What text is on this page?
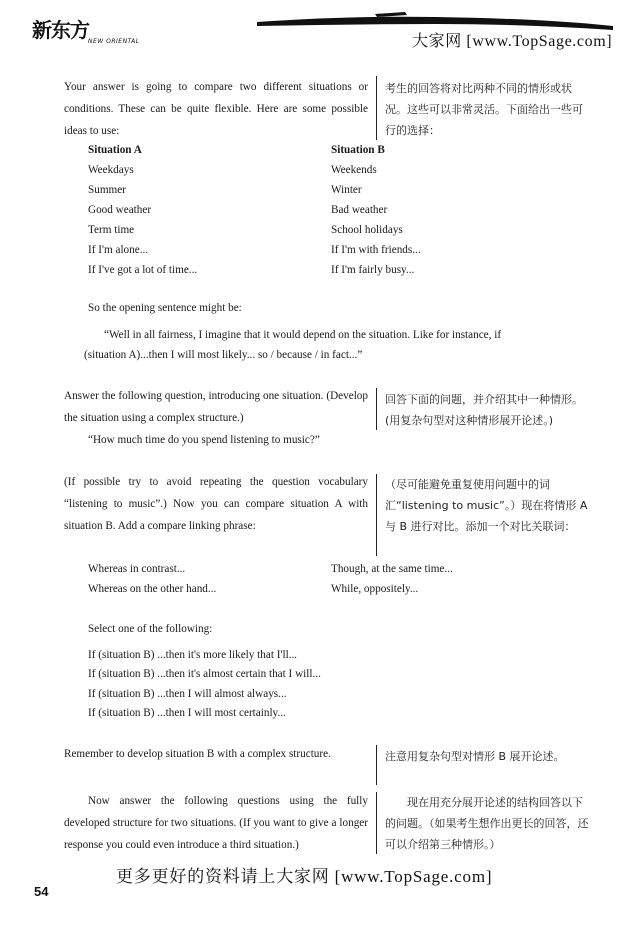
新东方 NEW ORIENTAL	大家网 [www.TopSage.com]
Your answer is going to compare two different situations or conditions. These can be quite flexible. Here are some possible ideas to use:
考生的回答将对比两种不同的情形或状况。这些可以非常灵活。下面给出一些可行的选择：
Situation A	Situation B
Weekdays	Weekends
Summer	Winter
Good weather	Bad weather
Term time	School holidays
If I'm alone...	If I'm with friends...
If I've got a lot of time...	If I'm fairly busy...
So the opening sentence might be:
“Well in all fairness, I imagine that it would depend on the situation. Like for instance, if
(situation A)...then I will most likely... so / because / in fact...”
Answer the following question, introducing one situation. (Develop the situation using a complex structure.)
回答下面的问题，并介绍其中一种情形。(用复杂句型对这种情形展开论述。)
“How much time do you spend listening to music?”
(If possible try to avoid repeating the question vocabulary “listening to music”.) Now you can compare situation A with situation B. Add a compare linking phrase:
（尽可能避免重复使用问题中的词汇“listening to music”。）现在将情形 A 与 B 进行对比。添加一个对比关联词：
Whereas in contrast...	Though, at the same time...
Whereas on the other hand...	While, oppositely...
Select one of the following:
If (situation B) ...then it's more likely that I'll...
If (situation B) ...then it's almost certain that I will...
If (situation B) ...then I will almost always...
If (situation B) ...then I will most certainly...
Remember to develop situation B with a complex structure.	注意用复杂句型对情形 B 展开论述。
Now answer the following questions using the fully developed structure for two situations. (If you want to give a longer response you could even introduce a third situation.)
现在用充分展开论述的结构回答以下的问题。（如果考生想作出更长的回答，还可以介绍第三种情形。）
更多更好的资料请上大家网 [www.TopSage.com]
54
